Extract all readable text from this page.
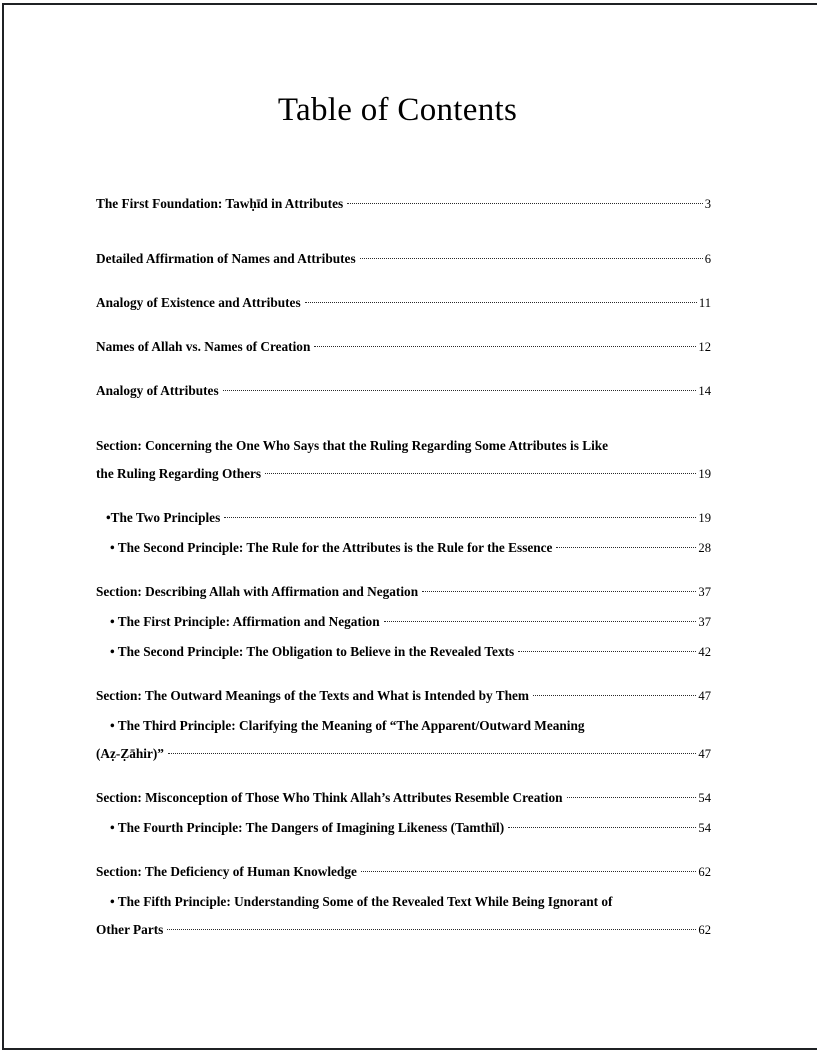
Table of Contents
The First Foundation: Tawḥīd in Attributes	3
Detailed Affirmation of Names and Attributes	6
Analogy of Existence and Attributes	11
Names of Allah vs. Names of Creation	12
Analogy of Attributes	14
Section: Concerning the One Who Says that the Ruling Regarding Some Attributes is Like
the Ruling Regarding Others	19
•The Two Principles	19
• The Second Principle: The Rule for the Attributes is the Rule for the Essence	28
Section: Describing Allah with Affirmation and Negation	37
• The First Principle: Affirmation and Negation	37
• The Second Principle: The Obligation to Believe in the Revealed Texts	42
Section: The Outward Meanings of the Texts and What is Intended by Them	47
• The Third Principle: Clarifying the Meaning of “The Apparent/Outward Meaning
(Aẓ-Ẓāhir)”	47
Section: Misconception of Those Who Think Allah’s Attributes Resemble Creation	54
• The Fourth Principle: The Dangers of Imagining Likeness (Tamthīl)	54
Section: The Deficiency of Human Knowledge	62
• The Fifth Principle: Understanding Some of the Revealed Text While Being Ignorant of
Other Parts	62
